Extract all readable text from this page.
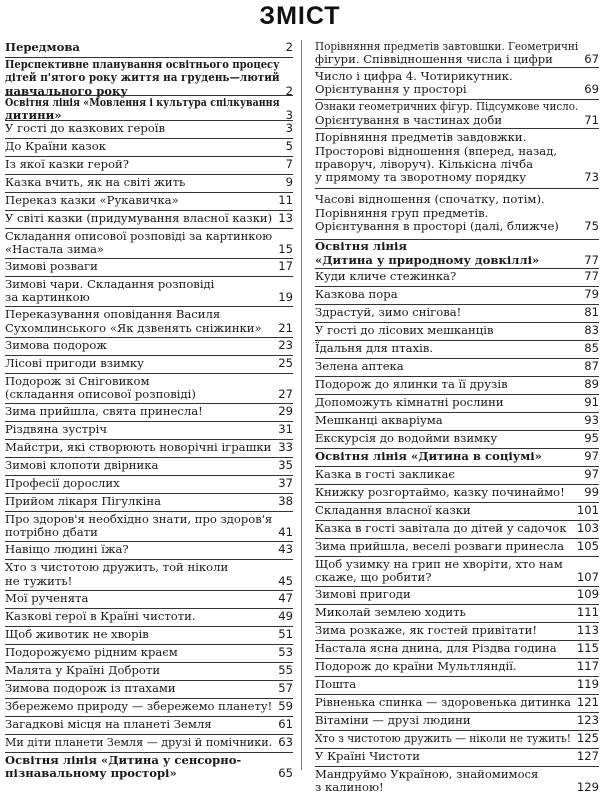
ЗМІСТ
Передмова	2
Перспективне планування освітнього процесу
дітей п'ятого року життя на грудень—лютий
навчального року	2
Освітня лінія «Мовлення і культура спілкування
дитини»	3
У гості до казкових героїв	3
До Країни казок	5
Із якої казки герой?	7
Казка вчить, як на світі жить	9
Переказ казки «Рукавичка»	11
У світі казки (придумування власної казки) 13
Складання описової розповіді за картинкою
«Настала зима»	15
Зимові розваги	17
Зимові чари. Складання розповіді
за картинкою	19
Переказування оповідання Василя
Сухомлинського «Як дзвенять сніжинки» 21
Зимова подорож	23
Лісові пригоди взимку	25
Подорож зі Сніговиком
(складання описової розповіді)	27
Зима прийшла, свята принесла!	29
Різдвяна зустріч	31
Майстри, які створюють новорічні іграшки 33
Зимові клопоти двірника	35
Професії дорослих	37
Прийом лікаря Пігулкіна	38
Про здоров'я необхідно знати, про здоров'я
потрібно дбати	41
Навіщо людині їжа?	43
Хто з чистотою дружить, той ніколи
не тужить!	45
Мої рученята	47
Казкові герої в Країні чистоти.	49
Щоб животик не хворів	51
Подорожуємо рідним краєм	53
Малята у Країні Доброти	55
Зимова подорож із птахами	57
Збережемо природу — збережемо планету! 59
Загадкові місця на планеті Земля	61
Ми діти планети Земля — друзі й помічники. 63
Освітня лінія «Дитина у сенсорно-
пізнавальному просторі»	65
Порівняння предметів завтовшки. Геометричні
фігури. Співвідношення числа і цифри	67
Число і цифра 4. Чотирикутник.
Орієнтування у просторі	69
Ознаки геометричних фігур. Підсумкове число.
Орієнтування в частинах доби	71
Порівняння предметів завдовжки.
Просторові відношення (вперед, назад,
праворуч, ліворуч). Кількісна лічба
у прямому та зворотному порядку	73
Часові відношення (спочатку, потім).
Порівняння груп предметів.
Орієнтування в просторі (далі, ближче) 75
Освітня лінія
«Дитина у природному довкіллі»	77
Куди кличе стежинка?	77
Казкова пора	79
Здрастуй, зимо снігова!	81
У гості до лісових мешканців	83
Їдальня для птахів.	85
Зелена аптека	87
Подорож до ялинки та її друзів	89
Допоможуть кімнатні рослини	91
Мешканці акваріума	93
Екскурсія до водойми взимку	95
Освітня лінія «Дитина в соціумі»	97
Казка в гості закликає	97
Книжку розгортаймо, казку починаймо! 99
Складання власної казки	101
Казка в гості завітала до дітей у садочок 103
Зима прийшла, веселі розваги принесла 105
Щоб узимку на грип не хворіти, хто нам
скаже, що робити?	107
Зимові пригоди	109
Миколай землею ходить	111
Зима розкаже, як гостей привітати!	113
Настала ясна днина, для Різдва година 115
Подорож до країни Мультляндії.	117
Пошта	119
Рівненька спинка — здоровенька дитинка 121
Вітаміни — друзі людини	123
Хто з чистотою дружить — ніколи не тужить! 125
У Країні Чистоти	127
Мандруймо Україною, знайомимося
з калиною!	129
